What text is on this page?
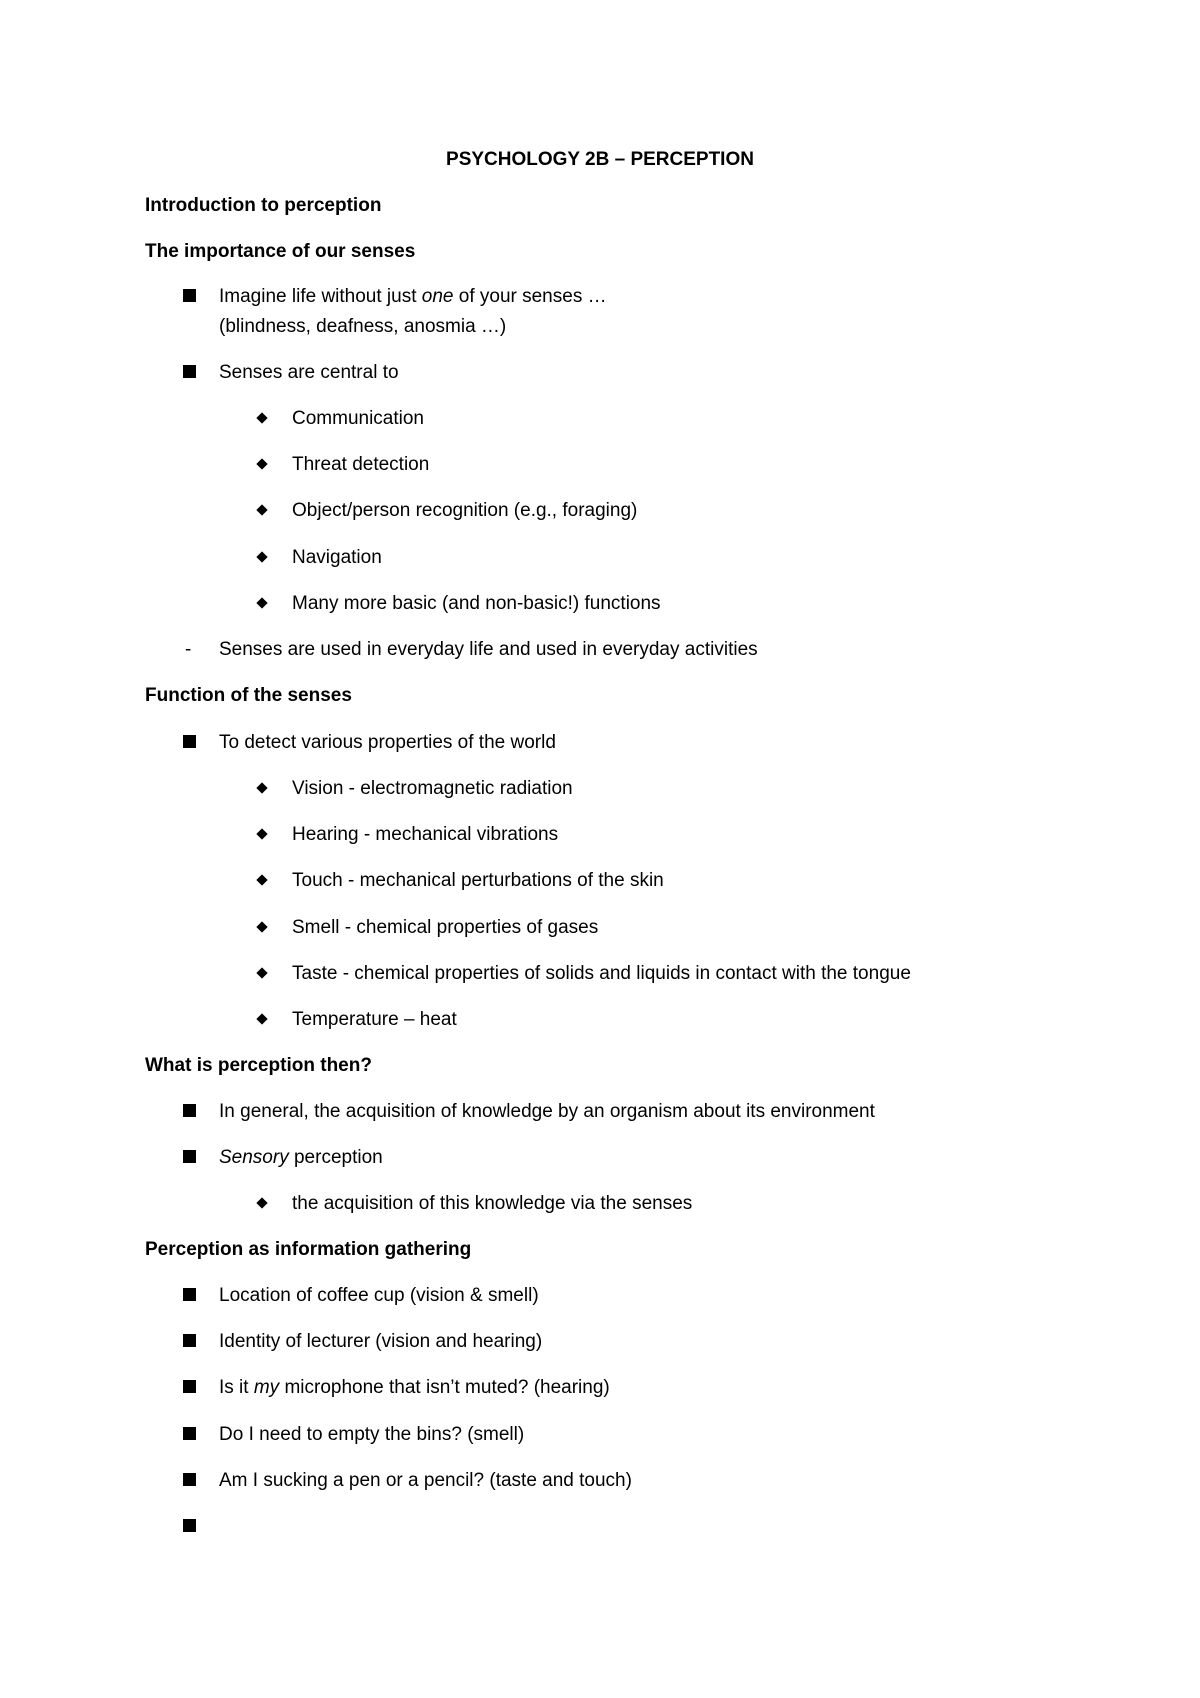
PSYCHOLOGY 2B – PERCEPTION
Introduction to perception
The importance of our senses
Imagine life without just one of your senses …
(blindness, deafness, anosmia …)
Senses are central to
Communication
Threat detection
Object/person recognition (e.g., foraging)
Navigation
Many more basic (and non-basic!) functions
- Senses are used in everyday life and used in everyday activities
Function of the senses
To detect various properties of the world
Vision - electromagnetic radiation
Hearing - mechanical vibrations
Touch - mechanical perturbations of the skin
Smell - chemical properties of gases
Taste - chemical properties of solids and liquids in contact with the tongue
Temperature – heat
What is perception then?
In general, the acquisition of knowledge by an organism about its environment
Sensory perception
the acquisition of this knowledge via the senses
Perception as information gathering
Location of coffee cup (vision & smell)
Identity of lecturer (vision and hearing)
Is it my microphone that isn’t muted? (hearing)
Do I need to empty the bins? (smell)
Am I sucking a pen or a pencil? (taste and touch)
